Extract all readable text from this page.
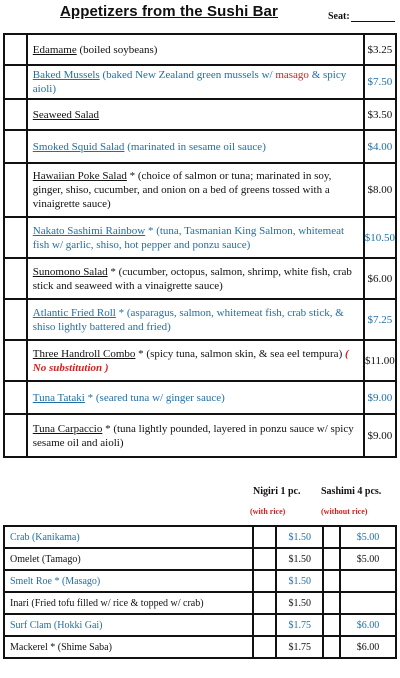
Appetizers from the Sushi Bar	Seat:
	Edamame (boiled soybeans)	$3.25
	Baked Mussels (baked New Zealand green mussels w/ masago & spicy aioli)	$7.50
	Seaweed Salad	$3.50
	Smoked Squid Salad (marinated in sesame oil sauce)	$4.00
	Hawaiian Poke Salad * (choice of salmon or tuna; marinated in soy, ginger, shiso, cucumber, and onion on a bed of greens tossed with a vinaigrette sauce)	$8.00
	Nakato Sashimi Rainbow * (tuna, Tasmanian King Salmon, whitemeat fish w/ garlic, shiso, hot pepper and ponzu sauce)	$10.50
	Sunomono Salad * (cucumber, octopus, salmon, shrimp, white fish, crab stick and seaweed with a vinaigrette sauce)	$6.00
	Atlantic Fried Roll * (asparagus, salmon, whitemeat fish, crab stick, & shiso lightly battered and fried)	$7.25
	Three Handroll Combo * (spicy tuna, salmon skin, & sea eel tempura) ( No substitution )	$11.00
	Tuna Tataki * (seared tuna w/ ginger sauce)	$9.00
	Tuna Carpaccio * (tuna lightly pounded, layered in ponzu sauce w/ spicy sesame oil and aioli)	$9.00
Nigiri 1 pc. Sashimi 4 pcs.
(with rice)	(without rice)
Crab (Kanikama)		$1.50		$5.00
Omelet (Tamago)		$1.50		$5.00
Smelt Roe * (Masago)		$1.50		
Inari (Fried tofu filled w/ rice & topped w/ crab)		$1.50		
Surf Clam (Hokki Gai)		$1.75		$6.00
Mackerel * (Shime Saba)		$1.75		$6.00
